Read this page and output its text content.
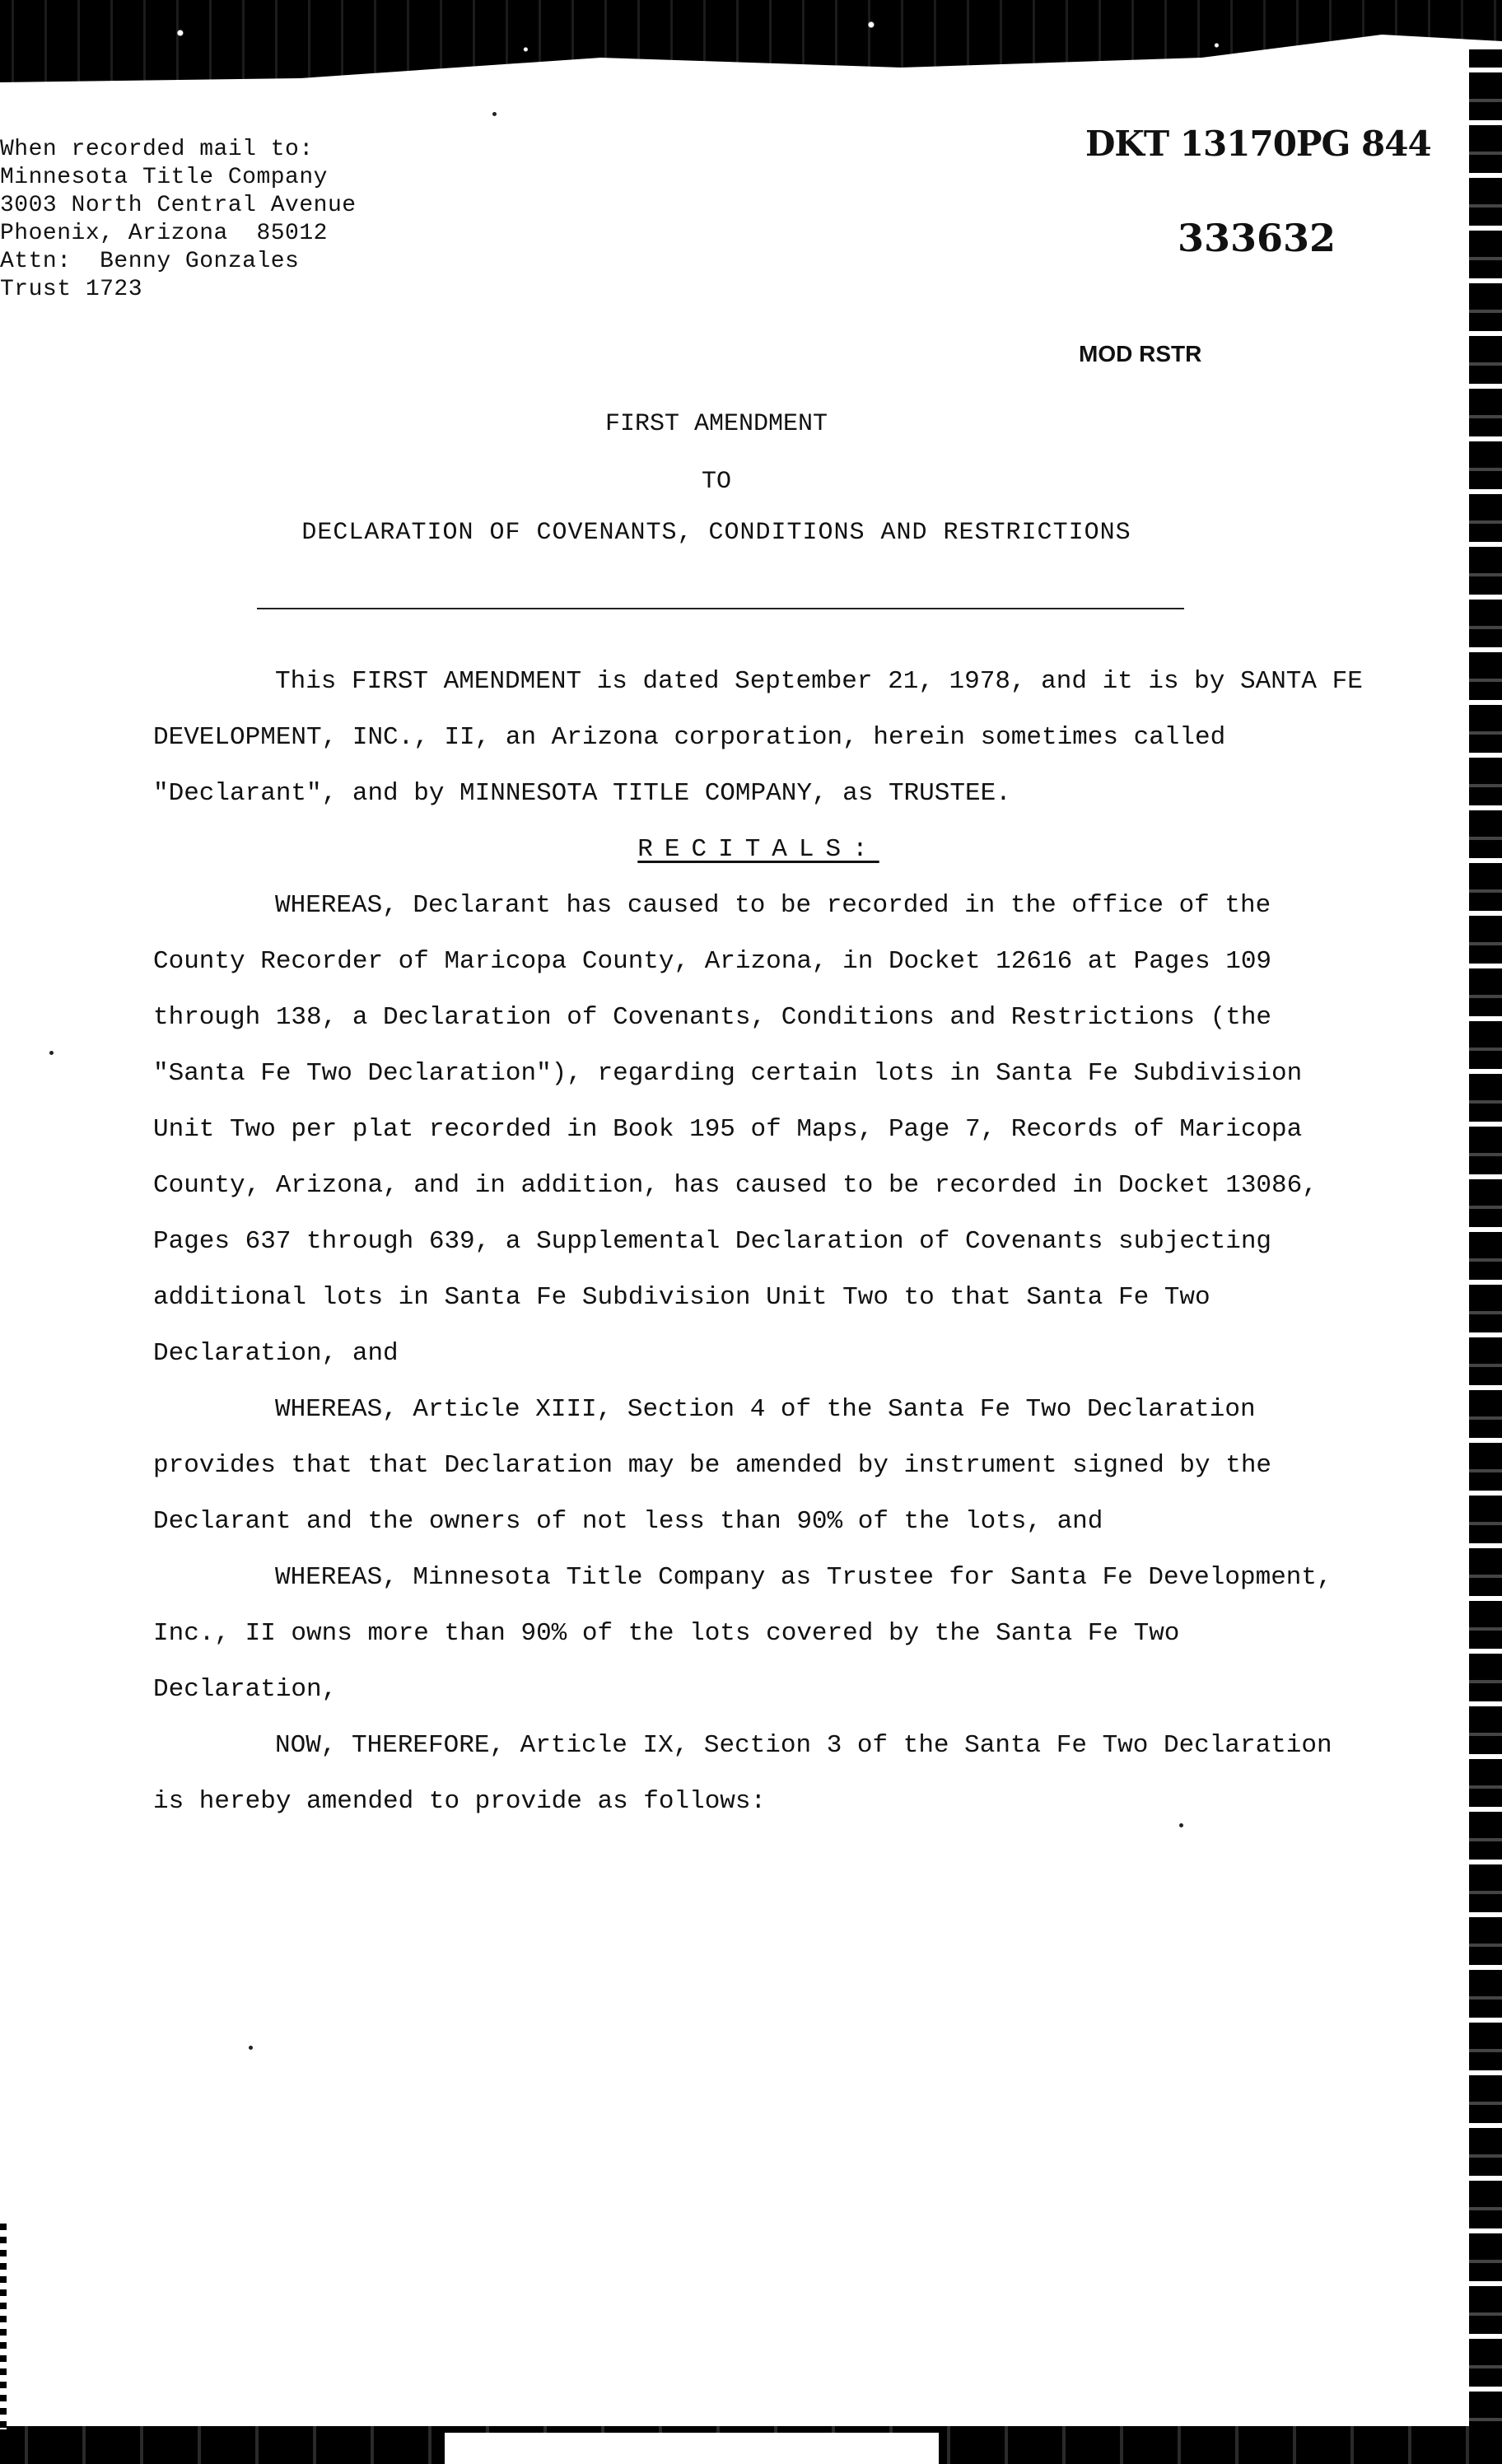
When recorded mail to:
Minnesota Title Company
3003 North Central Avenue
Phoenix, Arizona  85012
Attn:  Benny Gonzales
Trust 1723
DKT 13170PG 844
333632
MOD RSTR
FIRST AMENDMENT
TO
DECLARATION OF COVENANTS, CONDITIONS AND RESTRICTIONS

This FIRST AMENDMENT is dated September 21, 1978, and it is by SANTA FE DEVELOPMENT, INC., II, an Arizona corporation, herein sometimes called "Declarant", and by MINNESOTA TITLE COMPANY, as TRUSTEE.

RECITALS:

WHEREAS, Declarant has caused to be recorded in the office of the County Recorder of Maricopa County, Arizona, in Docket 12616 at Pages 109 through 138, a Declaration of Covenants, Conditions and Restrictions (the "Santa Fe Two Declaration"), regarding certain lots in Santa Fe Subdivision Unit Two per plat recorded in Book 195 of Maps, Page 7, Records of Maricopa County, Arizona, and in addition, has caused to be recorded in Docket 13086, Pages 637 through 639, a Supplemental Declaration of Covenants subjecting additional lots in Santa Fe Subdivision Unit Two to that Santa Fe Two Declaration, and

WHEREAS, Article XIII, Section 4 of the Santa Fe Two Declaration provides that that Declaration may be amended by instrument signed by the Declarant and the owners of not less than 90% of the lots, and

WHEREAS, Minnesota Title Company as Trustee for Santa Fe Development, Inc., II owns more than 90% of the lots covered by the Santa Fe Two Declaration,

NOW, THEREFORE, Article IX, Section 3 of the Santa Fe Two Declaration is hereby amended to provide as follows:
